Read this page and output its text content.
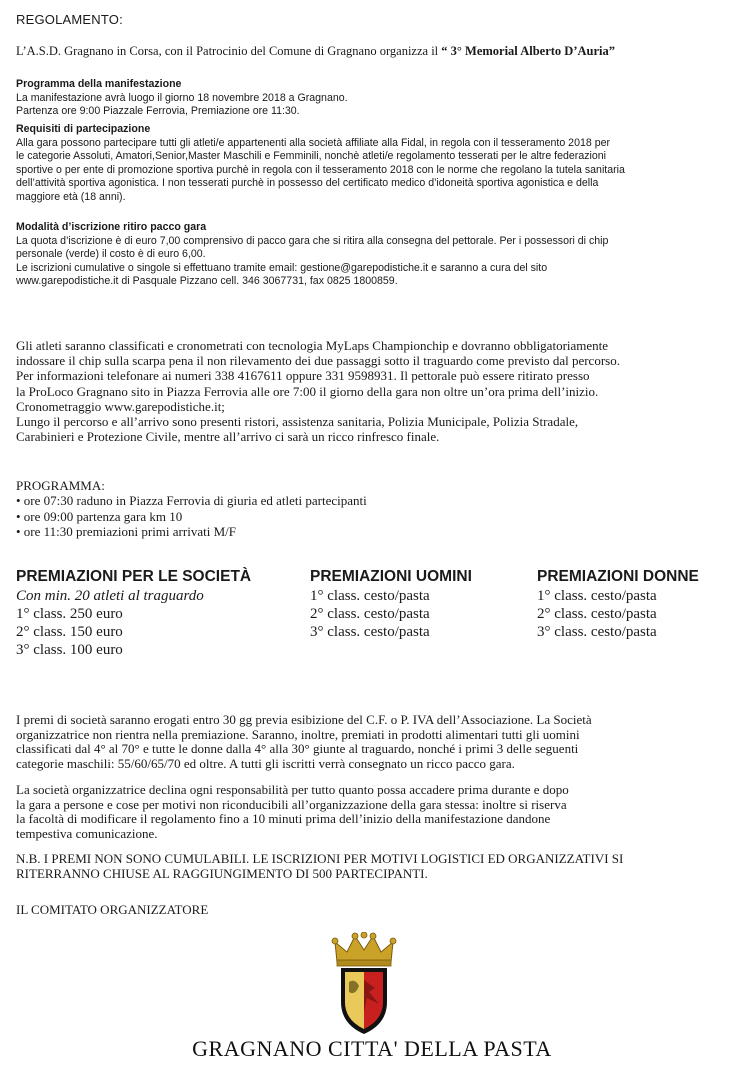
REGOLAMENTO:
L’A.S.D. Gragnano in Corsa, con il Patrocinio del Comune di Gragnano organizza il “ 3° Memorial Alberto D’Auria”
Programma della manifestazione
La manifestazione avrà luogo il giorno 18 novembre 2018 a Gragnano.
Partenza ore 9:00 Piazzale Ferrovia, Premiazione ore 11:30.
Requisiti di partecipazione
Alla gara possono partecipare tutti gli atleti/e appartenenti alla società affiliate alla Fidal, in regola con il tesseramento 2018 per
le categorie Assoluti, Amatori,Senior,Master Maschili e Femminili, nonchè atleti/e regolamento tesserati per le altre federazioni
sportive o per ente di promozione sportiva purchè in regola con il tesseramento 2018 con le norme che regolano la tutela sanitaria
dell’attività sportiva agonistica. I non tesserati purchè in possesso del certificato medico d’idoneità sportiva agonistica e della
maggiore età (18 anni).
Modalità d’iscrizione ritiro pacco gara
La quota d’iscrizione è di euro 7,00 comprensivo di pacco gara che si ritira alla consegna del pettorale. Per i possessori di chip
personale (verde) il costo è di euro 6,00.
Le iscrizioni cumulative o singole si effettuano tramite email: gestione@garepodistiche.it e saranno a cura del sito
www.garepodistiche.it di Pasquale Pizzano cell. 346 3067731, fax 0825 1800859.
Gli atleti saranno classificati e cronometrati con tecnologia MyLaps Championchip e dovranno obbligatoriamente
indossare il chip sulla scarpa pena il non rilevamento dei due passaggi sotto il traguardo come previsto dal percorso.
Per informazioni telefonare ai numeri 338 4167611 oppure 331 9598931. Il pettorale può essere ritirato presso
la ProLoco Gragnano sito in Piazza Ferrovia alle ore 7:00 il giorno della gara non oltre un’ora prima dell’inizio.
Cronometraggio www.garepodistiche.it;
Lungo il percorso e all’arrivo sono presenti ristori, assistenza sanitaria, Polizia Municipale, Polizia Stradale,
Carabinieri e Protezione Civile, mentre all’arrivo ci sarà un ricco rinfresco finale.
PROGRAMMA:
• ore 07:30 raduno in Piazza Ferrovia di giuria ed atleti partecipanti
• ore 09:00 partenza gara km 10
• ore 11:30 premiazioni primi arrivati M/F
PREMIAZIONI PER LE SOCIETÀ
Con min. 20 atleti al traguardo
1° class. 250 euro
2° class. 150 euro
3° class. 100 euro
PREMIAZIONI UOMINI
1° class. cesto/pasta
2° class. cesto/pasta
3° class. cesto/pasta
PREMIAZIONI DONNE
1° class. cesto/pasta
2° class. cesto/pasta
3° class. cesto/pasta
I premi di società saranno erogati entro 30 gg previa esibizione del C.F. o P. IVA dell’Associazione. La Società
organizzatrice non rientra nella premiazione. Saranno, inoltre, premiati in prodotti alimentari tutti gli uomini
classificati dal 4° al 70° e tutte le donne dalla 4° alla 30° giunte al traguardo, nonché i primi 3 delle seguenti
categorie maschili: 55/60/65/70 ed oltre. A tutti gli iscritti verrà consegnato un ricco pacco gara.
La società organizzatrice declina ogni responsabilità per tutto quanto possa accadere prima durante e dopo
la gara a persone e cose per motivi non riconducibili all’organizzazione della gara stessa: inoltre si riserva
la facoltà di modificare il regolamento fino a 10 minuti prima dell’inizio della manifestazione dandone
tempestiva comunicazione.
N.B. I PREMI NON SONO CUMULABILI. LE ISCRIZIONI PER MOTIVI LOGISTICI ED ORGANIZZATIVI SI
RITERRANNO CHIUSE AL RAGGIUNGIMENTO DI 500 PARTECIPANTI.
IL COMITATO ORGANIZZATORE
GRAGNANO CITTA' DELLA PASTA
